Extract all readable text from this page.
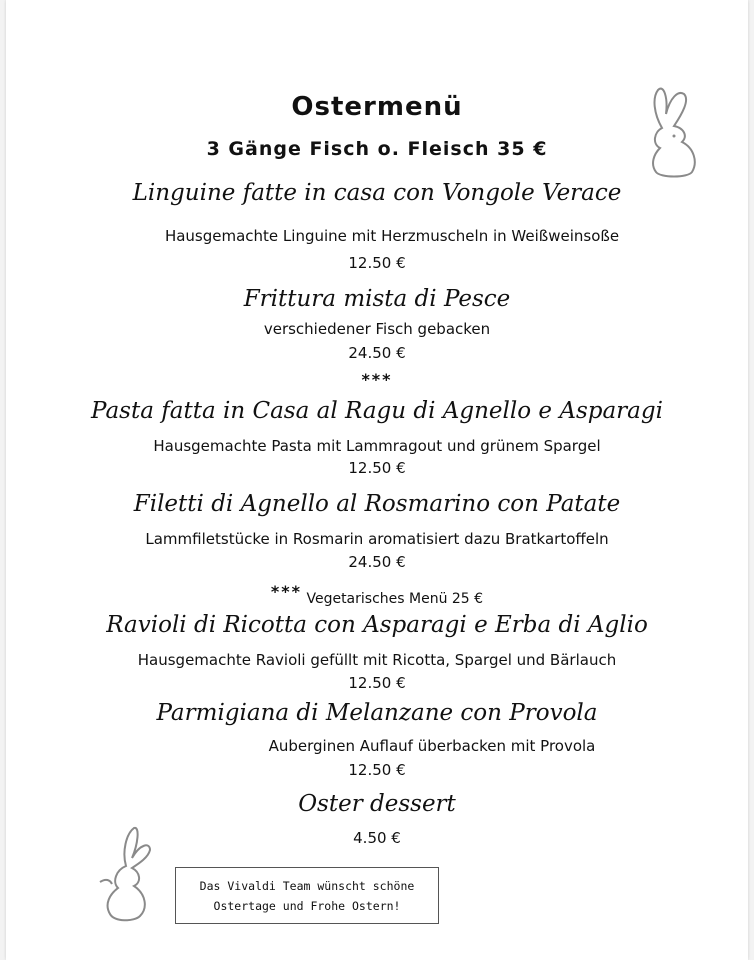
Ostermenü
3 Gänge Fisch o. Fleisch 35 €
Linguine fatte in casa con Vongole Verace
Hausgemachte Linguine mit Herzmuscheln in Weißweinsoße
12.50 €
Frittura mista di Pesce
verschiedener Fisch gebacken
24.50 €
***
Pasta fatta in Casa al Ragu di Agnello e Asparagi
Hausgemachte Pasta mit Lammragout und grünem Spargel
12.50 €
Filetti di Agnello al Rosmarino con Patate
Lammfiletstücke in Rosmarin aromatisiert dazu Bratkartoffeln
24.50 €
*** Vegetarisches Menü 25 €
Ravioli di Ricotta con Asparagi e Erba di Aglio
Hausgemachte Ravioli gefüllt mit Ricotta, Spargel und Bärlauch
12.50 €
Parmigiana di Melanzane con Provola
Auberginen Auflauf überbacken mit Provola
12.50 €
Oster dessert
4.50 €
Das Vivaldi Team wünscht schöne
Ostertage und Frohe Ostern!
